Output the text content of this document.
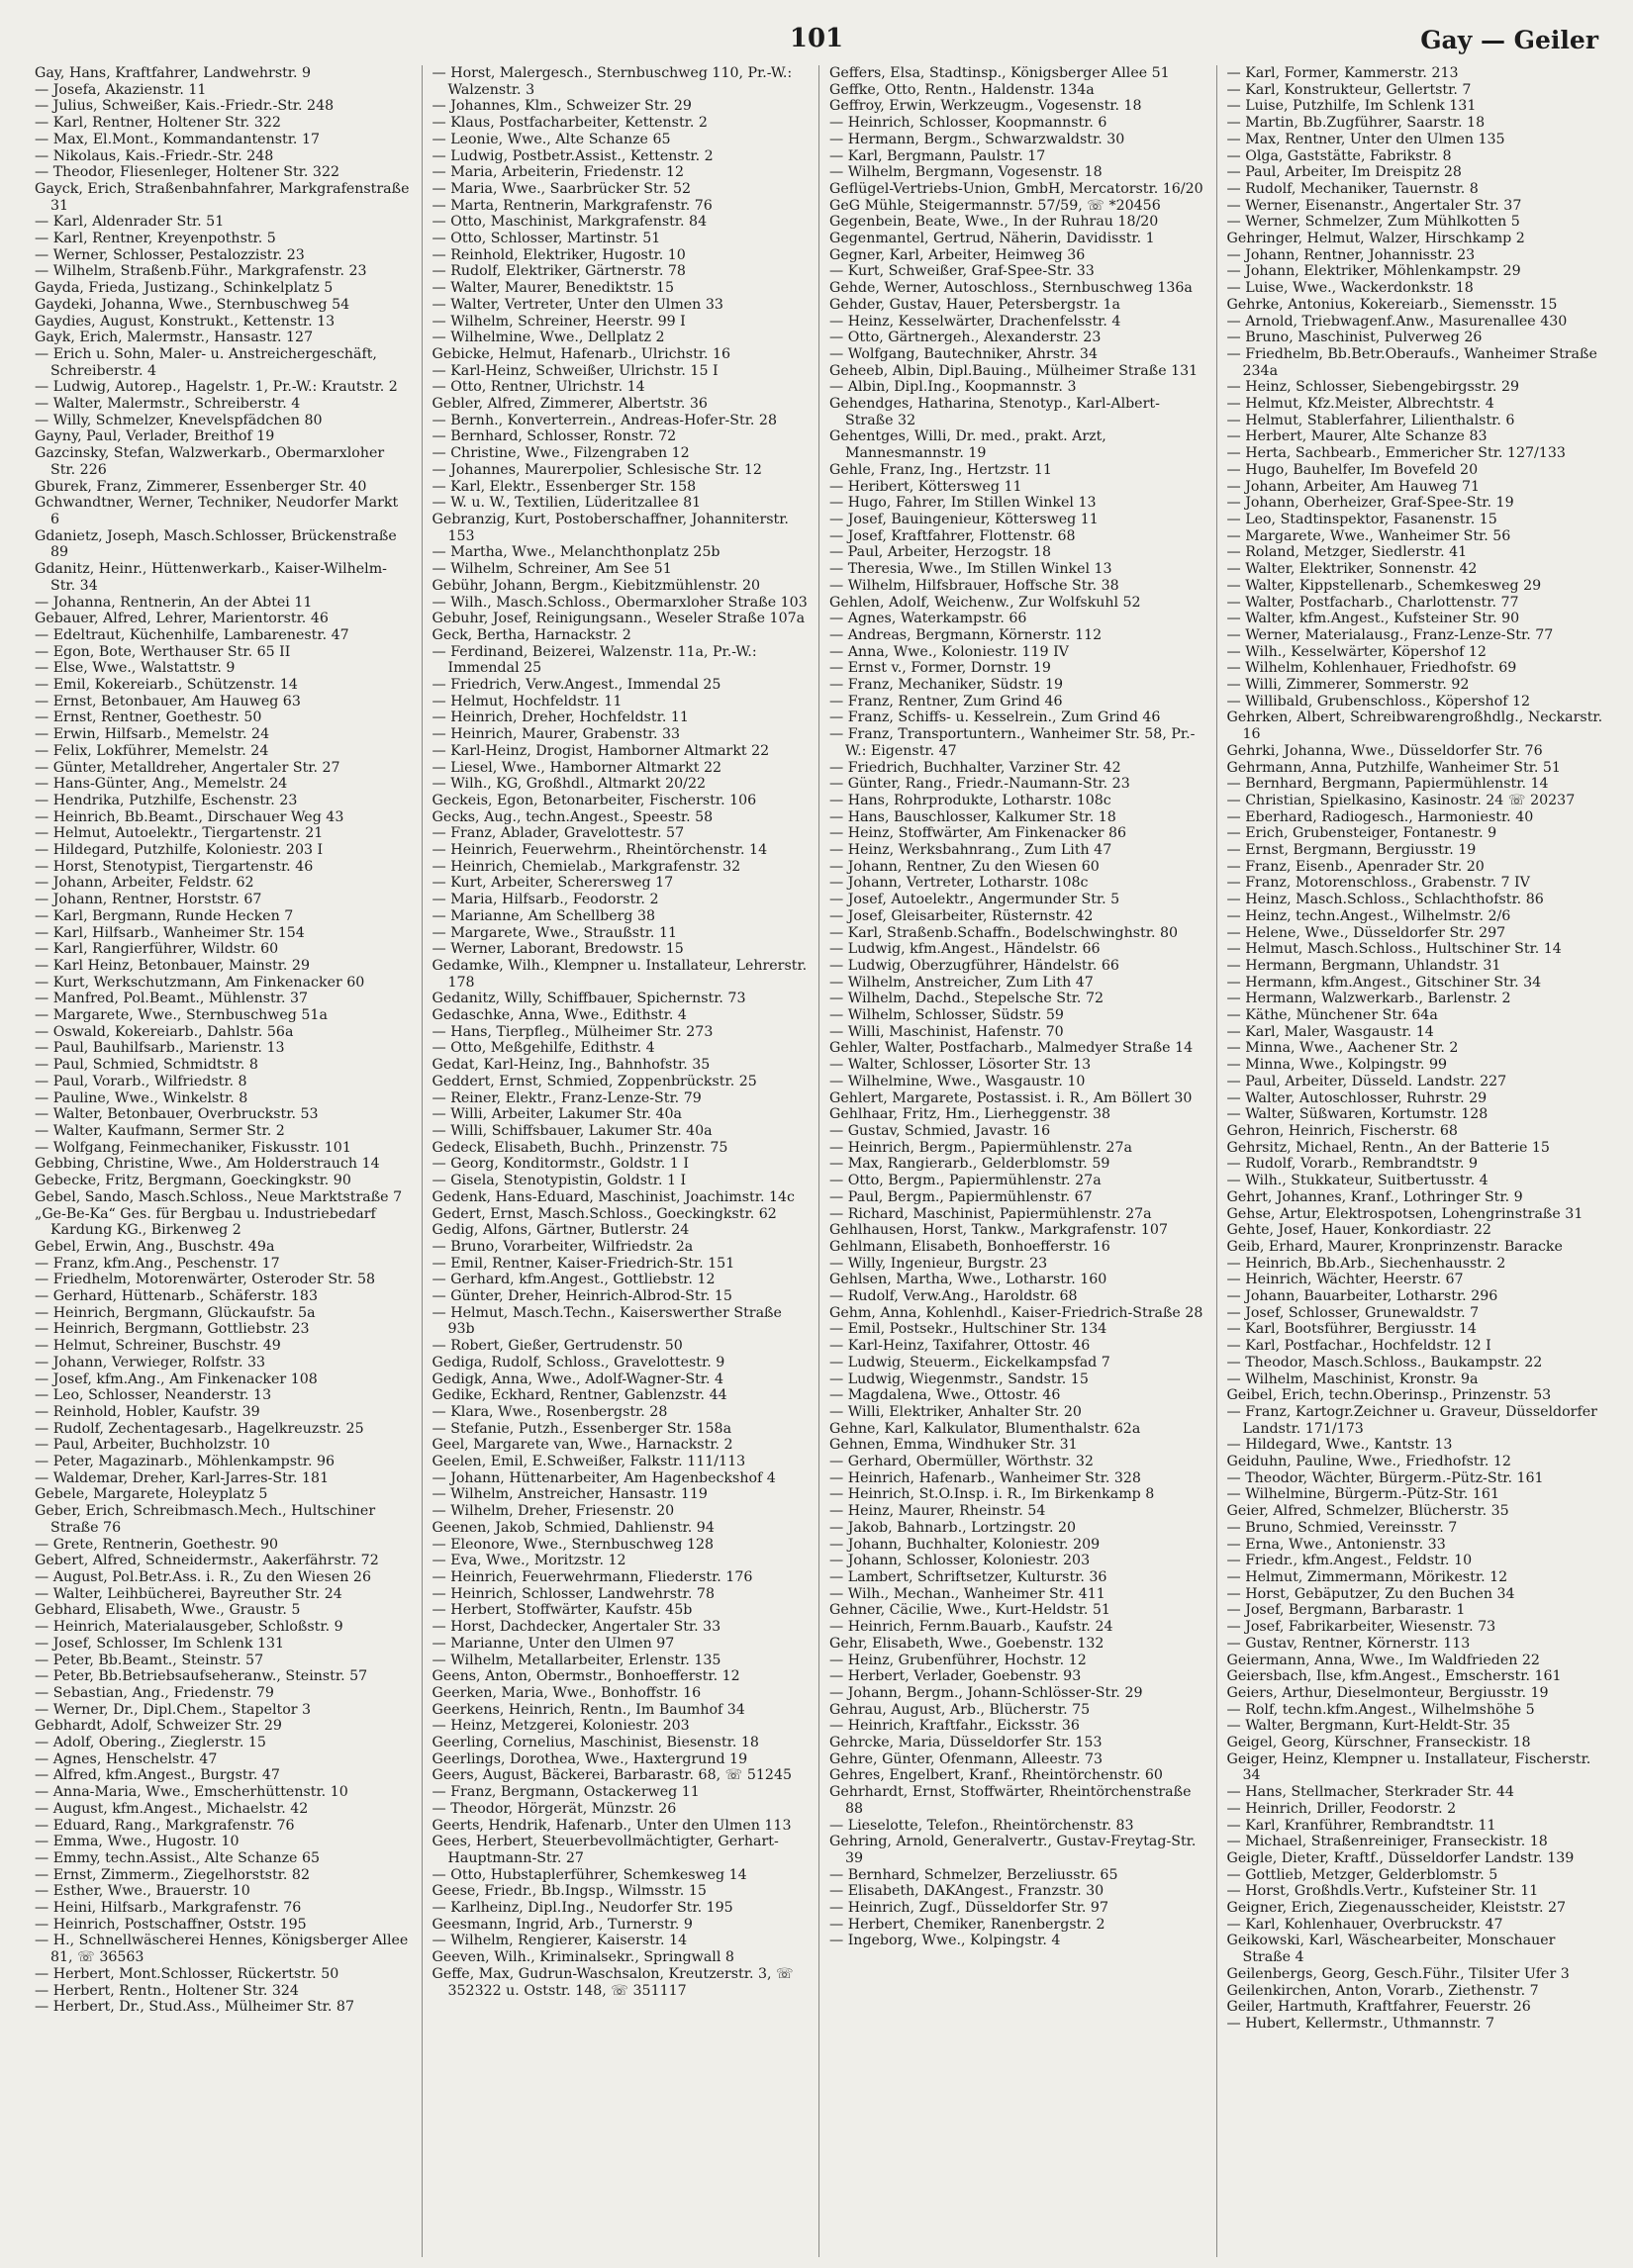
101	Gay — Geiler
Gay, Hans, Kraftfahrer, Landwehrstr. 9
— Josefa, Akazienstr. 11
— Julius, Schweißer, Kais.-Friedr.-Str. 248
— Karl, Rentner, Holtener Str. 322
— Max, El.Mont., Kommandantenstr. 17
— Nikolaus, Kais.-Friedr.-Str. 248
— Theodor, Fliesenleger, Holtener Str. 322
Gayck, Erich, Straßenbahnfahrer, Markgrafenstraße 31
— Karl, Aldenrader Str. 51
— Karl, Rentner, Kreyenpothstr. 5
— Werner, Schlosser, Pestalozzistr. 23
— Wilhelm, Straßenb.Führ., Markgrafenstr. 23
Gayda, Frieda, Justizang., Schinkelplatz 5
Gaydeki, Johanna, Wwe., Sternbuschweg 54
Gaydies, August, Konstrukt., Kettenstr. 13
Gayk, Erich, Malermstr., Hansastr. 127
— Erich u. Sohn, Maler- u. Anstreichergeschäft, Schreiberstr. 4
— Ludwig, Autorep., Hagelstr. 1, Pr.-W.: Krautstr. 2
— Walter, Malermstr., Schreiberstr. 4
— Willy, Schmelzer, Knevelspfädchen 80
Gayny, Paul, Verlader, Breithof 19
Gazcinsky, Stefan, Walzwerkarb., Obermarxloher Str. 226
Gburek, Franz, Zimmerer, Essenberger Str. 40
Gchwandtner, Werner, Techniker, Neudorfer Markt 6
Gdanietz, Joseph, Masch.Schlosser, Brückenstraße 89
Gdanitz, Heinr., Hüttenwerkarb., Kaiser-Wilhelm-Str. 34
— Johanna, Rentnerin, An der Abtei 11
Gebauer, Alfred, Lehrer, Marientorstr. 46
— Edeltraut, Küchenhilfe, Lambarenestr. 47
— Egon, Bote, Werthauser Str. 65 II
— Else, Wwe., Walstattstr. 9
— Emil, Kokereiarb., Schützenstr. 14
— Ernst, Betonbauer, Am Hauweg 63
— Ernst, Rentner, Goethestr. 50
— Erwin, Hilfsarb., Memelstr. 24
— Felix, Lokführer, Memelstr. 24
— Günter, Metalldreher, Angertaler Str. 27
— Hans-Günter, Ang., Memelstr. 24
— Hendrika, Putzhilfe, Eschenstr. 23
— Heinrich, Bb.Beamt., Dirschauer Weg 43
— Helmut, Autoelektr., Tiergartenstr. 21
— Hildegard, Putzhilfe, Koloniestr. 203 I
— Horst, Stenotypist, Tiergartenstr. 46
— Johann, Arbeiter, Feldstr. 62
— Johann, Rentner, Horststr. 67
— Karl, Bergmann, Runde Hecken 7
— Karl, Hilfsarb., Wanheimer Str. 154
— Karl, Rangierführer, Wildstr. 60
— Karl Heinz, Betonbauer, Mainstr. 29
— Kurt, Werkschutzmann, Am Finkenacker 60
— Manfred, Pol.Beamt., Mühlenstr. 37
— Margarete, Wwe., Sternbuschweg 51a
— Oswald, Kokereiarb., Dahlstr. 56a
— Paul, Bauhilfsarb., Marienstr. 13
— Paul, Schmied, Schmidtstr. 8
— Paul, Vorarb., Wilfriedstr. 8
— Pauline, Wwe., Winkelstr. 8
— Walter, Betonbauer, Overbruckstr. 53
— Walter, Kaufmann, Sermer Str. 2
— Wolfgang, Feinmechaniker, Fiskusstr. 101
Gebbing, Christine, Wwe., Am Holderstrauch 14
Gebecke, Fritz, Bergmann, Goeckingkstr. 90
Gebel, Sando, Masch.Schloss., Neue Marktstraße 7
„Ge-Be-Ka“ Ges. für Bergbau u. Industriebedarf Kardung KG., Birkenweg 2
Gebel, Erwin, Ang., Buschstr. 49a
— Franz, kfm.Ang., Peschenstr. 17
— Friedhelm, Motorenwärter, Osteroder Str. 58
— Gerhard, Hüttenarb., Schäferstr. 183
— Heinrich, Bergmann, Glückaufstr. 5a
— Heinrich, Bergmann, Gottliebstr. 23
— Helmut, Schreiner, Buschstr. 49
— Johann, Verwieger, Rolfstr. 33
— Josef, kfm.Ang., Am Finkenacker 108
— Leo, Schlosser, Neanderstr. 13
— Reinhold, Hobler, Kaufstr. 39
— Rudolf, Zechentagesarb., Hagelkreuzstr. 25
— Paul, Arbeiter, Buchholzstr. 10
— Peter, Magazinarb., Möhlenkampstr. 96
— Waldemar, Dreher, Karl-Jarres-Str. 181
Gebele, Margarete, Holeyplatz 5
Geber, Erich, Schreibmasch.Mech., Hultschiner Straße 76
— Grete, Rentnerin, Goethestr. 90
Gebert, Alfred, Schneidermstr., Aakerfährstr. 72
— August, Pol.Betr.Ass. i. R., Zu den Wiesen 26
— Walter, Leihbücherei, Bayreuther Str. 24
Gebhard, Elisabeth, Wwe., Graustr. 5
— Heinrich, Materialausgeber, Schloßstr. 9
— Josef, Schlosser, Im Schlenk 131
— Peter, Bb.Beamt., Steinstr. 57
— Peter, Bb.Betriebsaufseheranw., Steinstr. 57
— Sebastian, Ang., Friedenstr. 79
— Werner, Dr., Dipl.Chem., Stapeltor 3
Gebhardt, Adolf, Schweizer Str. 29
— Adolf, Obering., Zieglerstr. 15
— Agnes, Henschelstr. 47
— Alfred, kfm.Angest., Burgstr. 47
— Anna-Maria, Wwe., Emscherhüttenstr. 10
— August, kfm.Angest., Michaelstr. 42
— Eduard, Rang., Markgrafenstr. 76
— Emma, Wwe., Hugostr. 10
— Emmy, techn.Assist., Alte Schanze 65
— Ernst, Zimmerm., Ziegelhorststr. 82
— Esther, Wwe., Brauerstr. 10
— Heini, Hilfsarb., Markgrafenstr. 76
— Heinrich, Postschaffner, Oststr. 195
— H., Schnellwäscherei Hennes, Königsberger Allee 81, ☏ 36563
— Herbert, Mont.Schlosser, Rückertstr. 50
— Herbert, Rentn., Holtener Str. 324
— Herbert, Dr., Stud.Ass., Mülheimer Str. 87
— Horst, Malergesch., Sternbuschweg 110, Pr.-W.: Walzenstr. 3
— Johannes, Klm., Schweizer Str. 29
— Klaus, Postfacharbeiter, Kettenstr. 2
— Leonie, Wwe., Alte Schanze 65
— Ludwig, Postbetr.Assist., Kettenstr. 2
— Maria, Arbeiterin, Friedenstr. 12
— Maria, Wwe., Saarbrücker Str. 52
— Marta, Rentnerin, Markgrafenstr. 76
— Otto, Maschinist, Markgrafenstr. 84
— Otto, Schlosser, Martinstr. 51
— Reinhold, Elektriker, Hugostr. 10
— Rudolf, Elektriker, Gärtnerstr. 78
— Walter, Maurer, Benediktstr. 15
— Walter, Vertreter, Unter den Ulmen 33
— Wilhelm, Schreiner, Heerstr. 99 I
— Wilhelmine, Wwe., Dellplatz 2
Gebicke, Helmut, Hafenarb., Ulrichstr. 16
— Karl-Heinz, Schweißer, Ulrichstr. 15 I
— Otto, Rentner, Ulrichstr. 14
Gebler, Alfred, Zimmerer, Albertstr. 36
— Bernh., Konverterrein., Andreas-Hofer-Str. 28
— Bernhard, Schlosser, Ronstr. 72
— Christine, Wwe., Filzengraben 12
— Johannes, Maurerpolier, Schlesische Str. 12
— Karl, Elektr., Essenberger Str. 158
— W. u. W., Textilien, Lüderitzallee 81
Gebranzig, Kurt, Postoberschaffner, Johanniterstr. 153
— Martha, Wwe., Melanchthonplatz 25b
— Wilhelm, Schreiner, Am See 51
Gebühr, Johann, Bergm., Kiebitzmühlenstr. 20
— Wilh., Masch.Schloss., Obermarxloher Straße 103
Gebuhr, Josef, Reinigungsann., Weseler Straße 107a
Geck, Bertha, Harnackstr. 2
— Ferdinand, Beizerei, Walzenstr. 11a, Pr.-W.: Immendal 25
— Friedrich, Verw.Angest., Immendal 25
— Helmut, Hochfeldstr. 11
— Heinrich, Dreher, Hochfeldstr. 11
— Heinrich, Maurer, Grabenstr. 33
— Karl-Heinz, Drogist, Hamborner Altmarkt 22
— Liesel, Wwe., Hamborner Altmarkt 22
— Wilh., KG, Großhdl., Altmarkt 20/22
Geckeis, Egon, Betonarbeiter, Fischerstr. 106
Gecks, Aug., techn.Angest., Speestr. 58
— Franz, Ablader, Gravelottestr. 57
— Heinrich, Feuerwehrm., Rheintörchenstr. 14
— Heinrich, Chemielab., Markgrafenstr. 32
— Kurt, Arbeiter, Scherersweg 17
— Maria, Hilfsarb., Feodorstr. 2
— Marianne, Am Schellberg 38
— Margarete, Wwe., Straußstr. 11
— Werner, Laborant, Bredowstr. 15
Gedamke, Wilh., Klempner u. Installateur, Lehrerstr. 178
Gedanitz, Willy, Schiffbauer, Spichernstr. 73
Gedaschke, Anna, Wwe., Edithstr. 4
— Hans, Tierpfleg., Mülheimer Str. 273
— Otto, Meßgehilfe, Edithstr. 4
Gedat, Karl-Heinz, Ing., Bahnhofstr. 35
Geddert, Ernst, Schmied, Zoppenbrückstr. 25
— Reiner, Elektr., Franz-Lenze-Str. 79
— Willi, Arbeiter, Lakumer Str. 40a
— Willi, Schiffsbauer, Lakumer Str. 40a
Gedeck, Elisabeth, Buchh., Prinzenstr. 75
— Georg, Konditormstr., Goldstr. 1 I
— Gisela, Stenotypistin, Goldstr. 1 I
Gedenk, Hans-Eduard, Maschinist, Joachimstr. 14c
Gedert, Ernst, Masch.Schloss., Goeckingkstr. 62
Gedig, Alfons, Gärtner, Butlerstr. 24
— Bruno, Vorarbeiter, Wilfriedstr. 2a
— Emil, Rentner, Kaiser-Friedrich-Str. 151
— Gerhard, kfm.Angest., Gottliebstr. 12
— Günter, Dreher, Heinrich-Albrod-Str. 15
— Helmut, Masch.Techn., Kaiserswerther Straße 93b
— Robert, Gießer, Gertrudenstr. 50
Gediga, Rudolf, Schloss., Gravelottestr. 9
Gedigk, Anna, Wwe., Adolf-Wagner-Str. 4
Gedike, Eckhard, Rentner, Gablenzstr. 44
— Klara, Wwe., Rosenbergstr. 28
— Stefanie, Putzh., Essenberger Str. 158a
Geel, Margarete van, Wwe., Harnackstr. 2
Geelen, Emil, E.Schweißer, Falkstr. 111/113
— Johann, Hüttenarbeiter, Am Hagenbeckshof 4
— Wilhelm, Anstreicher, Hansastr. 119
— Wilhelm, Dreher, Friesenstr. 20
Geenen, Jakob, Schmied, Dahlienstr. 94
— Eleonore, Wwe., Sternbuschweg 128
— Eva, Wwe., Moritzstr. 12
— Heinrich, Feuerwehrmann, Fliederstr. 176
— Heinrich, Schlosser, Landwehrstr. 78
— Herbert, Stoffwärter, Kaufstr. 45b
— Horst, Dachdecker, Angertaler Str. 33
— Marianne, Unter den Ulmen 97
— Wilhelm, Metallarbeiter, Erlenstr. 135
Geens, Anton, Obermstr., Bonhoefferstr. 12
Geerken, Maria, Wwe., Bonhoffstr. 16
Geerkens, Heinrich, Rentn., Im Baumhof 34
— Heinz, Metzgerei, Koloniestr. 203
Geerling, Cornelius, Maschinist, Biesenstr. 18
Geerlings, Dorothea, Wwe., Haxtergrund 19
Geers, August, Bäckerei, Barbarastr. 68, ☏ 51245
— Franz, Bergmann, Ostackerweg 11
— Theodor, Hörgerät, Münzstr. 26
Geerts, Hendrik, Hafenarb., Unter den Ulmen 113
Gees, Herbert, Steuerbevollmächtigter, Gerhart-Hauptmann-Str. 27
— Otto, Hubstaplerführer, Schemkesweg 14
Geese, Friedr., Bb.Ingsp., Wilmsstr. 15
— Karlheinz, Dipl.Ing., Neudorfer Str. 195
Geesmann, Ingrid, Arb., Turnerstr. 9
— Wilhelm, Rengierer, Kaiserstr. 14
Geeven, Wilh., Kriminalsekr., Springwall 8
Geffe, Max, Gudrun-Waschsalon, Kreutzerstr. 3, ☏ 352322 u. Oststr. 148, ☏ 351117
Geffers, Elsa, Stadtinsp., Königsberger Allee 51
Geffke, Otto, Rentn., Haldenstr. 134a
Geffroy, Erwin, Werkzeugm., Vogesenstr. 18
— Heinrich, Schlosser, Koopmannstr. 6
— Hermann, Bergm., Schwarzwaldstr. 30
— Karl, Bergmann, Paulstr. 17
— Wilhelm, Bergmann, Vogesenstr. 18
Geflügel-Vertriebs-Union, GmbH, Mercatorstr. 16/20
GeG Mühle, Steigermannstr. 57/59, ☏ *20456
Gegenbein, Beate, Wwe., In der Ruhrau 18/20
Gegenmantel, Gertrud, Näherin, Davidisstr. 1
Gegner, Karl, Arbeiter, Heimweg 36
— Kurt, Schweißer, Graf-Spee-Str. 33
Gehde, Werner, Autoschloss., Sternbuschweg 136a
Gehder, Gustav, Hauer, Petersbergstr. 1a
— Heinz, Kesselwärter, Drachenfelsstr. 4
— Otto, Gärtnergeh., Alexanderstr. 23
— Wolfgang, Bautechniker, Ahrstr. 34
Geheeb, Albin, Dipl.Bauing., Mülheimer Straße 131
— Albin, Dipl.Ing., Koopmannstr. 3
Gehendges, Hatharina, Stenotyp., Karl-Albert-Straße 32
Gehentges, Willi, Dr. med., prakt. Arzt, Mannesmannstr. 19
Gehle, Franz, Ing., Hertzstr. 11
— Heribert, Köttersweg 11
— Hugo, Fahrer, Im Stillen Winkel 13
— Josef, Bauingenieur, Köttersweg 11
— Josef, Kraftfahrer, Flottenstr. 68
— Paul, Arbeiter, Herzogstr. 18
— Theresia, Wwe., Im Stillen Winkel 13
— Wilhelm, Hilfsbrauer, Hoffsche Str. 38
Gehlen, Adolf, Weichenw., Zur Wolfskuhl 52
— Agnes, Waterkampstr. 66
— Andreas, Bergmann, Körnerstr. 112
— Anna, Wwe., Koloniestr. 119 IV
— Ernst v., Former, Dornstr. 19
— Franz, Mechaniker, Südstr. 19
— Franz, Rentner, Zum Grind 46
— Franz, Schiffs- u. Kesselrein., Zum Grind 46
— Franz, Transportuntern., Wanheimer Str. 58, Pr.-W.: Eigenstr. 47
— Friedrich, Buchhalter, Varziner Str. 42
— Günter, Rang., Friedr.-Naumann-Str. 23
— Hans, Rohrprodukte, Lotharstr. 108c
— Hans, Bauschlosser, Kalkumer Str. 18
— Heinz, Stoffwärter, Am Finkenacker 86
— Heinz, Werksbahnrang., Zum Lith 47
— Johann, Rentner, Zu den Wiesen 60
— Johann, Vertreter, Lotharstr. 108c
— Josef, Autoelektr., Angermunder Str. 5
— Josef, Gleisarbeiter, Rüsternstr. 42
— Karl, Straßenb.Schaffn., Bodelschwinghstr. 80
— Ludwig, kfm.Angest., Händelstr. 66
— Ludwig, Oberzugführer, Händelstr. 66
— Wilhelm, Anstreicher, Zum Lith 47
— Wilhelm, Dachd., Stepelsche Str. 72
— Wilhelm, Schlosser, Südstr. 59
— Willi, Maschinist, Hafenstr. 70
Gehler, Walter, Postfacharb., Malmedyer Straße 14
— Walter, Schlosser, Lösorter Str. 13
— Wilhelmine, Wwe., Wasgaustr. 10
Gehlert, Margarete, Postassist. i. R., Am Böllert 30
Gehlhaar, Fritz, Hm., Lierheggenstr. 38
— Gustav, Schmied, Javastr. 16
— Heinrich, Bergm., Papiermühlenstr. 27a
— Max, Rangierarb., Gelderblomstr. 59
— Otto, Bergm., Papiermühlenstr. 27a
— Paul, Bergm., Papiermühlenstr. 67
— Richard, Maschinist, Papiermühlenstr. 27a
Gehlhausen, Horst, Tankw., Markgrafenstr. 107
Gehlmann, Elisabeth, Bonhoefferstr. 16
— Willy, Ingenieur, Burgstr. 23
Gehlsen, Martha, Wwe., Lotharstr. 160
— Rudolf, Verw.Ang., Haroldstr. 68
Gehm, Anna, Kohlenhdl., Kaiser-Friedrich-Straße 28
— Emil, Postsekr., Hultschiner Str. 134
— Karl-Heinz, Taxifahrer, Ottostr. 46
— Ludwig, Steuerm., Eickelkampsfad 7
— Ludwig, Wiegenmstr., Sandstr. 15
— Magdalena, Wwe., Ottostr. 46
— Willi, Elektriker, Anhalter Str. 20
Gehne, Karl, Kalkulator, Blumenthalstr. 62a
Gehnen, Emma, Windhuker Str. 31
— Gerhard, Obermüller, Wörthstr. 32
— Heinrich, Hafenarb., Wanheimer Str. 328
— Heinrich, St.O.Insp. i. R., Im Birkenkamp 8
— Heinz, Maurer, Rheinstr. 54
— Jakob, Bahnarb., Lortzingstr. 20
— Johann, Buchhalter, Koloniestr. 209
— Johann, Schlosser, Koloniestr. 203
— Lambert, Schriftsetzer, Kulturstr. 36
— Wilh., Mechan., Wanheimer Str. 411
Gehner, Cäcilie, Wwe., Kurt-Heldstr. 51
— Heinrich, Fernm.Bauarb., Kaufstr. 24
Gehr, Elisabeth, Wwe., Goebenstr. 132
— Heinz, Grubenführer, Hochstr. 12
— Herbert, Verlader, Goebenstr. 93
— Johann, Bergm., Johann-Schlösser-Str. 29
Gehrau, August, Arb., Blücherstr. 75
— Heinrich, Kraftfahr., Eicksstr. 36
Gehrcke, Maria, Düsseldorfer Str. 153
Gehre, Günter, Ofenmann, Alleestr. 73
Gehres, Engelbert, Kranf., Rheintörchenstr. 60
Gehrhardt, Ernst, Stoffwärter, Rheintörchenstraße 88
— Lieselotte, Telefon., Rheintörchenstr. 83
Gehring, Arnold, Generalvertr., Gustav-Freytag-Str. 39
— Bernhard, Schmelzer, Berzeliusstr. 65
— Elisabeth, DAKAngest., Franzstr. 30
— Heinrich, Zugf., Düsseldorfer Str. 97
— Herbert, Chemiker, Ranenbergstr. 2
— Ingeborg, Wwe., Kolpingstr. 4
— Karl, Former, Kammerstr. 213
— Karl, Konstrukteur, Gellertstr. 7
— Luise, Putzhilfe, Im Schlenk 131
— Martin, Bb.Zugführer, Saarstr. 18
— Max, Rentner, Unter den Ulmen 135
— Olga, Gaststätte, Fabrikstr. 8
— Paul, Arbeiter, Im Dreispitz 28
— Rudolf, Mechaniker, Tauernstr. 8
— Werner, Eisenanstr., Angertaler Str. 37
— Werner, Schmelzer, Zum Mühlkotten 5
Gehringer, Helmut, Walzer, Hirschkamp 2
— Johann, Rentner, Johannisstr. 23
— Johann, Elektriker, Möhlenkampstr. 29
— Luise, Wwe., Wackerdonkstr. 18
Gehrke, Antonius, Kokereiarb., Siemensstr. 15
— Arnold, Triebwagenf.Anw., Masurenallee 430
— Bruno, Maschinist, Pulverweg 26
— Friedhelm, Bb.Betr.Oberaufs., Wanheimer Straße 234a
— Heinz, Schlosser, Siebengebirgsstr. 29
— Helmut, Kfz.Meister, Albrechtstr. 4
— Helmut, Stablerfahrer, Lilienthalstr. 6
— Herbert, Maurer, Alte Schanze 83
— Herta, Sachbearb., Emmericher Str. 127/133
— Hugo, Bauhelfer, Im Bovefeld 20
— Johann, Arbeiter, Am Hauweg 71
— Johann, Oberheizer, Graf-Spee-Str. 19
— Leo, Stadtinspektor, Fasanenstr. 15
— Margarete, Wwe., Wanheimer Str. 56
— Roland, Metzger, Siedlerstr. 41
— Walter, Elektriker, Sonnenstr. 42
— Walter, Kippstellenarb., Schemkesweg 29
— Walter, Postfacharb., Charlottenstr. 77
— Walter, kfm.Angest., Kufsteiner Str. 90
— Werner, Materialausg., Franz-Lenze-Str. 77
— Wilh., Kesselwärter, Köpershof 12
— Wilhelm, Kohlenhauer, Friedhofstr. 69
— Willi, Zimmerer, Sommerstr. 92
— Willibald, Grubenschloss., Köpershof 12
Gehrken, Albert, Schreibwarengroßhdlg., Neckarstr. 16
Gehrki, Johanna, Wwe., Düsseldorfer Str. 76
Gehrmann, Anna, Putzhilfe, Wanheimer Str. 51
— Bernhard, Bergmann, Papiermühlenstr. 14
— Christian, Spielkasino, Kasinostr. 24 ☏ 20237
— Eberhard, Radiogesch., Harmoniestr. 40
— Erich, Grubensteiger, Fontanestr. 9
— Ernst, Bergmann, Bergiusstr. 19
— Franz, Eisenb., Apenrader Str. 20
— Franz, Motorenschloss., Grabenstr. 7 IV
— Heinz, Masch.Schloss., Schlachthofstr. 86
— Heinz, techn.Angest., Wilhelmstr. 2/6
— Helene, Wwe., Düsseldorfer Str. 297
— Helmut, Masch.Schloss., Hultschiner Str. 14
— Hermann, Bergmann, Uhlandstr. 31
— Hermann, kfm.Angest., Gitschiner Str. 34
— Hermann, Walzwerkarb., Barlenstr. 2
— Käthe, Münchener Str. 64a
— Karl, Maler, Wasgaustr. 14
— Minna, Wwe., Aachener Str. 2
— Minna, Wwe., Kolpingstr. 99
— Paul, Arbeiter, Düsseld. Landstr. 227
— Walter, Autoschlosser, Ruhrstr. 29
— Walter, Süßwaren, Kortumstr. 128
Gehron, Heinrich, Fischerstr. 68
Gehrsitz, Michael, Rentn., An der Batterie 15
— Rudolf, Vorarb., Rembrandtstr. 9
— Wilh., Stukkateur, Suitbertusstr. 4
Gehrt, Johannes, Kranf., Lothringer Str. 9
Gehse, Artur, Elektrospotsen, Lohengrinstraße 31
Gehte, Josef, Hauer, Konkordiastr. 22
Geib, Erhard, Maurer, Kronprinzenstr. Baracke
— Heinrich, Bb.Arb., Siechenhausstr. 2
— Heinrich, Wächter, Heerstr. 67
— Johann, Bauarbeiter, Lotharstr. 296
— Josef, Schlosser, Grunewaldstr. 7
— Karl, Bootsführer, Bergiusstr. 14
— Karl, Postfachar., Hochfeldstr. 12 I
— Theodor, Masch.Schloss., Baukampstr. 22
— Wilhelm, Maschinist, Kronstr. 9a
Geibel, Erich, techn.Oberinsp., Prinzenstr. 53
— Franz, Kartogr.Zeichner u. Graveur, Düsseldorfer Landstr. 171/173
— Hildegard, Wwe., Kantstr. 13
Geiduhn, Pauline, Wwe., Friedhofstr. 12
— Theodor, Wächter, Bürgerm.-Pütz-Str. 161
— Wilhelmine, Bürgerm.-Pütz-Str. 161
Geier, Alfred, Schmelzer, Blücherstr. 35
— Bruno, Schmied, Vereinsstr. 7
— Erna, Wwe., Antonienstr. 33
— Friedr., kfm.Angest., Feldstr. 10
— Helmut, Zimmermann, Mörikestr. 12
— Horst, Gebäputzer, Zu den Buchen 34
— Josef, Bergmann, Barbarastr. 1
— Josef, Fabrikarbeiter, Wiesenstr. 73
— Gustav, Rentner, Körnerstr. 113
Geiermann, Anna, Wwe., Im Waldfrieden 22
Geiersbach, Ilse, kfm.Angest., Emscherstr. 161
Geiers, Arthur, Dieselmonteur, Bergiusstr. 19
— Rolf, techn.kfm.Angest., Wilhelmshöhe 5
— Walter, Bergmann, Kurt-Heldt-Str. 35
Geigel, Georg, Kürschner, Franseckistr. 18
Geiger, Heinz, Klempner u. Installateur, Fischerstr. 34
— Hans, Stellmacher, Sterkrader Str. 44
— Heinrich, Driller, Feodorstr. 2
— Karl, Kranführer, Rembrandtstr. 11
— Michael, Straßenreiniger, Franseckistr. 18
Geigle, Dieter, Kraftf., Düsseldorfer Landstr. 139
— Gottlieb, Metzger, Gelderblomstr. 5
— Horst, Großhdls.Vertr., Kufsteiner Str. 11
Geigner, Erich, Ziegenausscheider, Kleiststr. 27
— Karl, Kohlenhauer, Overbruckstr. 47
Geikowski, Karl, Wäschearbeiter, Monschauer Straße 4
Geilenbergs, Georg, Gesch.Führ., Tilsiter Ufer 3
Geilenkirchen, Anton, Vorarb., Ziethenstr. 7
Geiler, Hartmuth, Kraftfahrer, Feuerstr. 26
— Hubert, Kellermstr., Uthmannstr. 7
